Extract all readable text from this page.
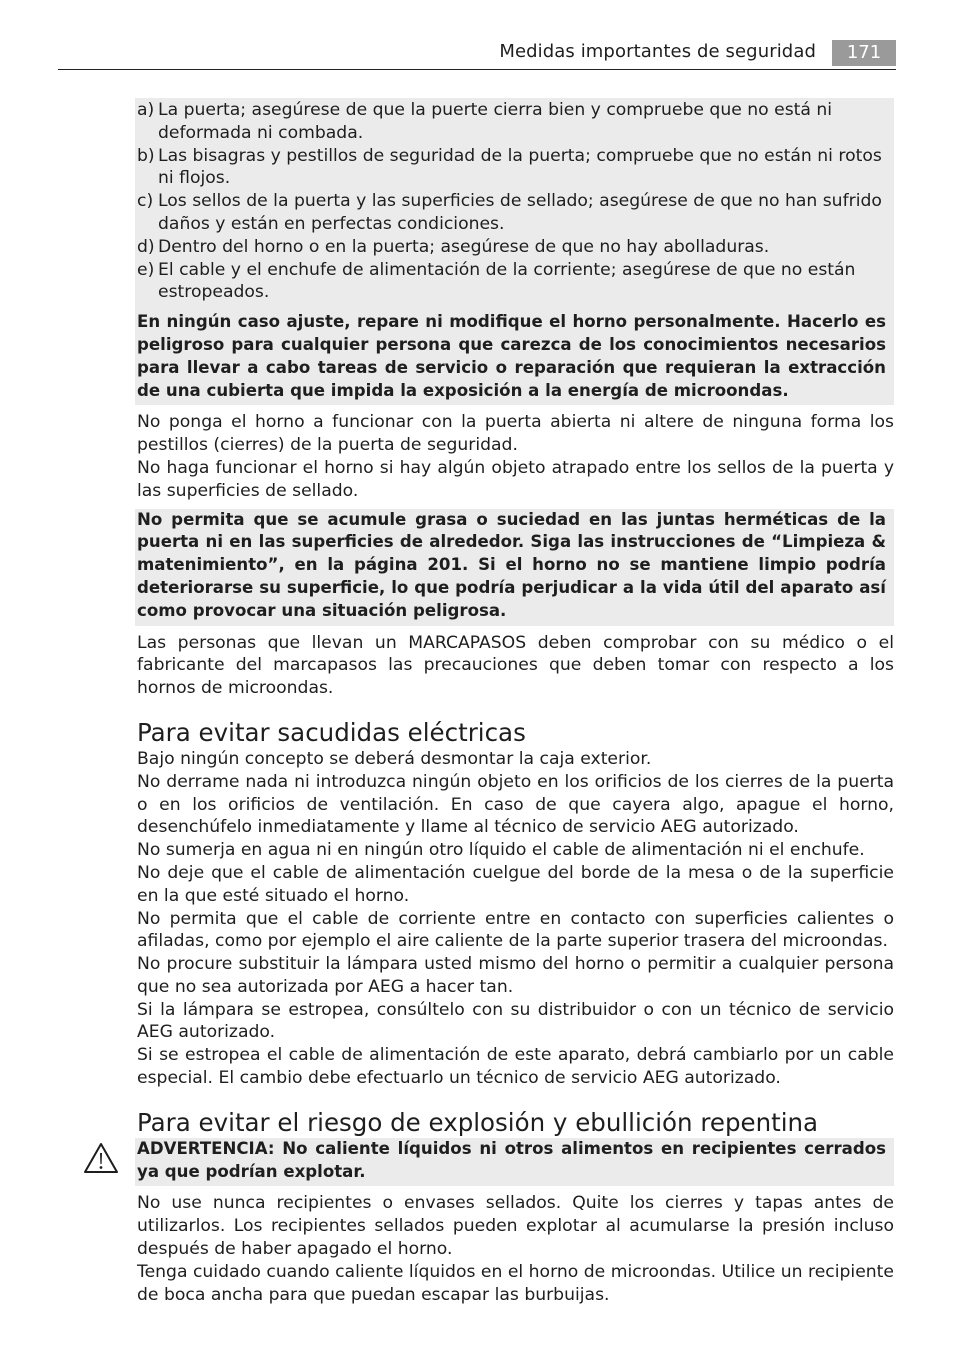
Medidas importantes de seguridad	171
a) La puerta; asegúrese de que la puerte cierra bien y compruebe que no está ni deformada ni combada.
b) Las bisagras y pestillos de seguridad de la puerta; compruebe que no están ni rotos ni flojos.
c) Los sellos de la puerta y las superficies de sellado; asegúrese de que no han sufrido daños y están en perfectas condiciones.
d) Dentro del horno o en la puerta; asegúrese de que no hay abolladuras.
e) El cable y el enchufe de alimentación de la corriente; asegúrese de que no están estropeados.
En ningún caso ajuste, repare ni modifique el horno personalmente. Hacerlo es peligroso para cualquier persona que carezca de los conocimientos necesarios para llevar a cabo tareas de servicio o reparación que requieran la extracción de una cubierta que impida la exposición a la energía de microondas.

No ponga el horno a funcionar con la puerta abierta ni altere de ninguna forma los pestillos (cierres) de la puerta de seguridad.

No haga funcionar el horno si hay algún objeto atrapado entre los sellos de la puerta y las superficies de sellado.

No permita que se acumule grasa o suciedad en las juntas herméticas de la puerta ni en las superficies de alrededor. Siga las instrucciones de “Limpieza & matenimiento”, en la página 201. Si el horno no se mantiene limpio podría deteriorarse su superficie, lo que podría perjudicar a la vida útil del aparato así como provocar una situación peligrosa.

Las personas que llevan un MARCAPASOS deben comprobar con su médico o el fabricante del marcapasos las precauciones que deben tomar con respecto a los hornos de microondas.

Para evitar sacudidas eléctricas

Bajo ningún concepto se deberá desmontar la caja exterior.

No derrame nada ni introduzca ningún objeto en los orificios de los cierres de la puerta o en los orificios de ventilación. En caso de que cayera algo, apague el horno, desenchúfelo inmediatamente y llame al técnico de servicio AEG autorizado.

No sumerja en agua ni en ningún otro líquido el cable de alimentación ni el enchufe.

No deje que el cable de alimentación cuelgue del borde de la mesa o de la superficie en la que esté situado el horno.

No permita que el cable de corriente entre en contacto con superficies calientes o afiladas, como por ejemplo el aire caliente de la parte superior trasera del microondas.

No procure substituir la lámpara usted mismo del horno o permitir a cualquier persona que no sea autorizada por AEG a hacer tan.

Si la lámpara se estropea, consúltelo con su distribuidor o con un técnico de servicio AEG autorizado.

Si se estropea el cable de alimentación de este aparato, debrá cambiarlo por un cable especial. El cambio debe efectuarlo un técnico de servicio AEG autorizado.

Para evitar el riesgo de explosión y ebullición repentina
ADVERTENCIA: No caliente líquidos ni otros alimentos en recipientes cerrados ya que podrían explotar.

No use nunca recipientes o envases sellados. Quite los cierres y tapas antes de utilizarlos. Los recipientes sellados pueden explotar al acumularse la presión incluso después de haber apagado el horno.

Tenga cuidado cuando caliente líquidos en el horno de microondas. Utilice un recipiente de boca ancha para que puedan escapar las burbuijas.
